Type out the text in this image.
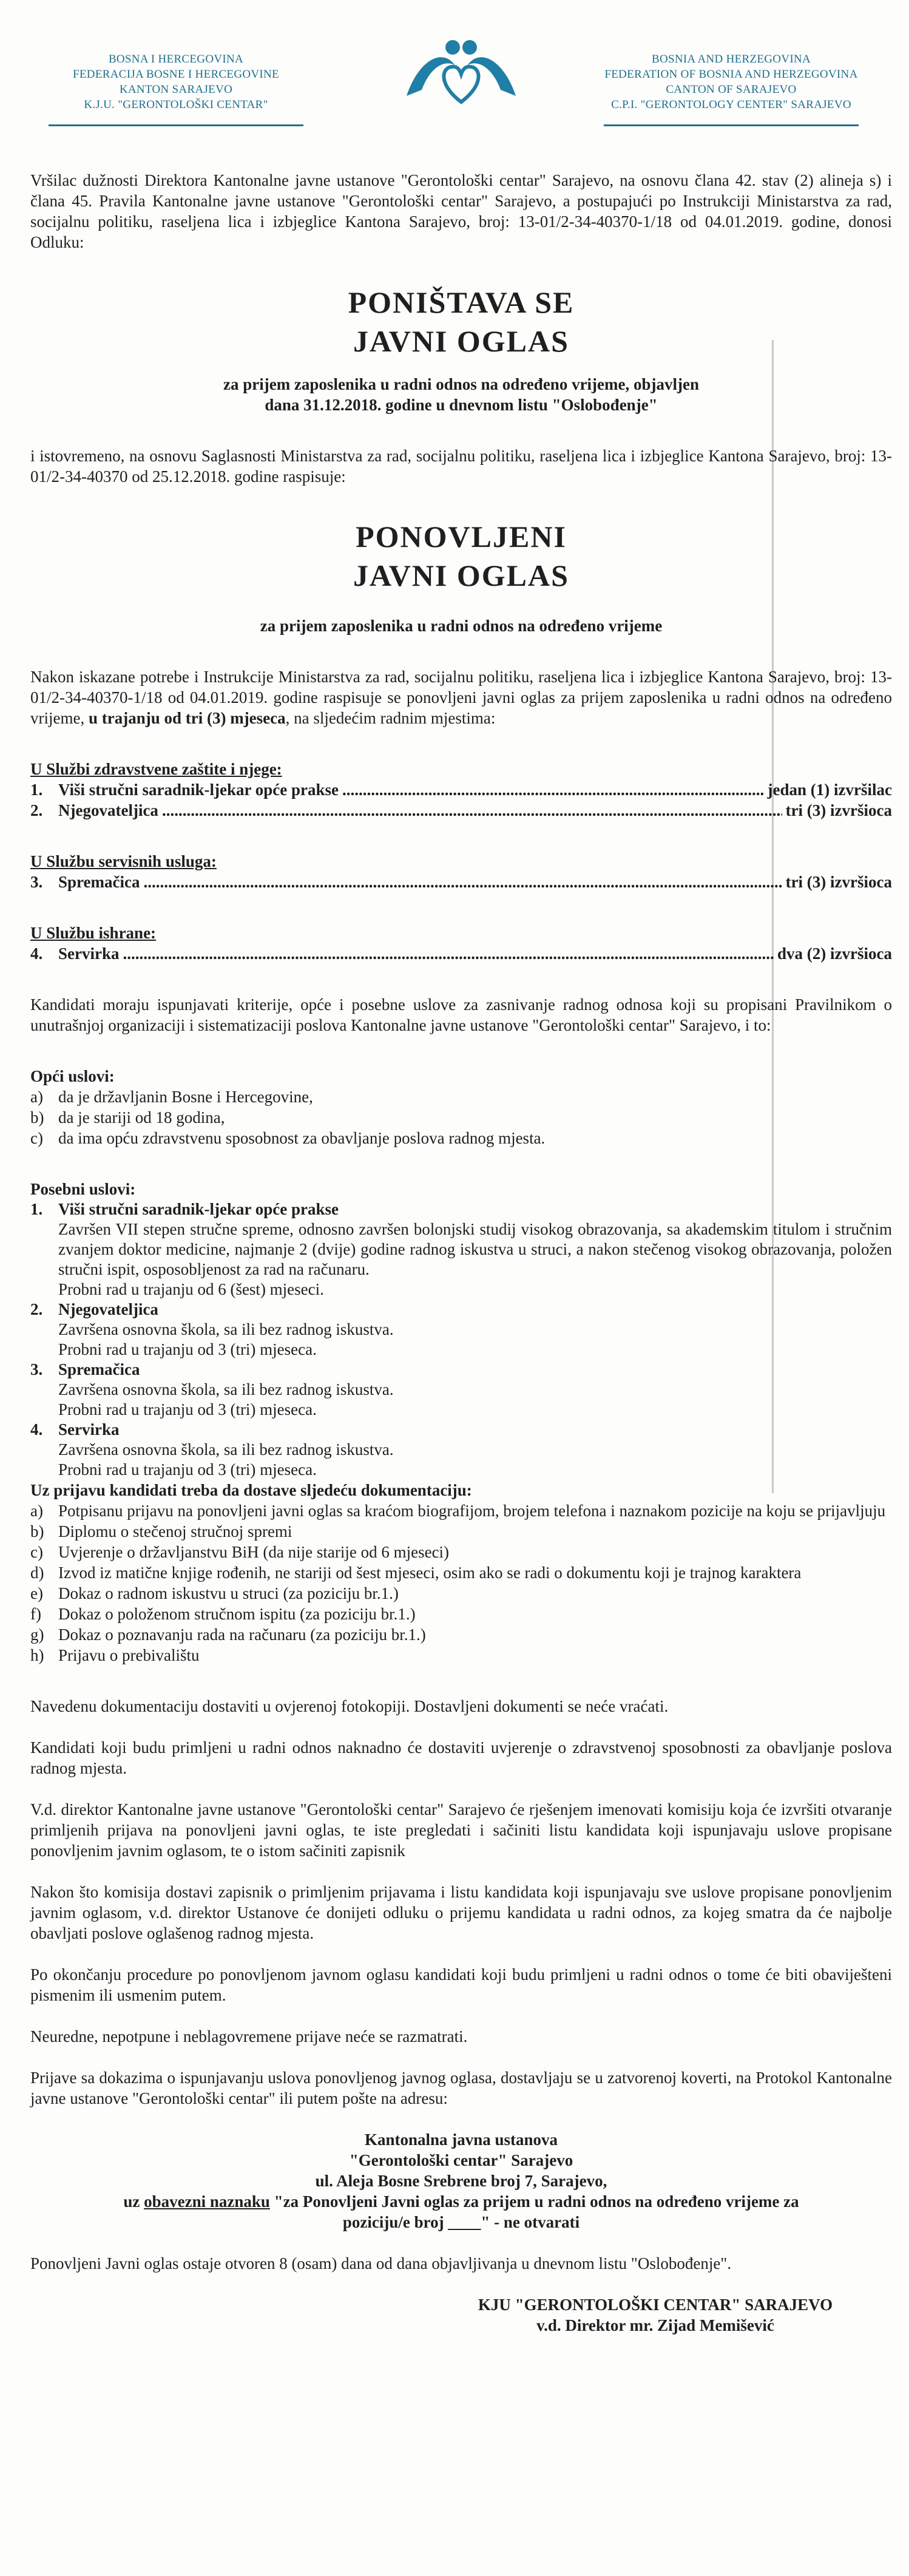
BOSNA I HERCEGOVINA
FEDERACIJA BOSNE I HERCEGOVINE
KANTON SARAJEVO
K.J.U. "GERONTOLOŠKI CENTAR"
BOSNIA AND HERZEGOVINA
FEDERATION OF BOSNIA AND HERZEGOVINA
CANTON OF SARAJEVO
C.P.I. "GERONTOLOGY CENTER" SARAJEVO

Vršilac dužnosti Direktora Kantonalne javne ustanove "Gerontološki centar" Sarajevo, na osnovu člana 42. stav (2) alineja s) i člana 45. Pravila Kantonalne javne ustanove "Gerontološki centar" Sarajevo, a postupajući po Instrukciji Ministarstva za rad, socijalnu politiku, raseljena lica i izbjeglice Kantona Sarajevo, broj: 13-01/2-34-40370-1/18 od 04.01.2019. godine, donosi Odluku:

PONIŠTAVA SE

JAVNI OGLAS

za prijem zaposlenika u radni odnos na određeno vrijeme, objavljen

dana 31.12.2018. godine u dnevnom listu "Oslobođenje"

i istovremeno, na osnovu Saglasnosti Ministarstva za rad, socijalnu politiku, raseljena lica i izbjeglice Kantona Sarajevo, broj: 13-01/2-34-40370 od 25.12.2018. godine raspisuje:

PONOVLJENI

JAVNI OGLAS

za prijem zaposlenika u radni odnos na određeno vrijeme

Nakon iskazane potrebe i Instrukcije Ministarstva za rad, socijalnu politiku, raseljena lica i izbjeglice Kantona Sarajevo, broj: 13-01/2-34-40370-1/18 od 04.01.2019. godine raspisuje se ponovljeni javni oglas za prijem zaposlenika u radni odnos na određeno vrijeme, u trajanju od tri (3) mjeseca, na sljedećim radnim mjestima:

U Službi zdravstvene zaštite i njege:

1. Viši stručni saradnik-ljekar opće prakse .....	jedan (1) izvršilac
2. Njegovateljica .....	tri (3) izvršioca

U Službu servisnih usluga:

3. Spremačica .....	tri (3) izvršioca

U Službu ishrane:

4. Servirka .....	dva (2) izvršioca

Kandidati moraju ispunjavati kriterije, opće i posebne uslove za zasnivanje radnog odnosa koji su propisani Pravilnikom o unutrašnjoj organizaciji i sistematizaciji poslova Kantonalne javne ustanove "Gerontološki centar" Sarajevo, i to:

Opći uslovi:

a) da je državljanin Bosne i Hercegovine,
b) da je stariji od 18 godina,
c) da ima opću zdravstvenu sposobnost za obavljanje poslova radnog mjesta.

Posebni uslovi:

1. Viši stručni saradnik-ljekar opće prakse
Završen VII stepen stručne spreme, odnosno završen bolonjski studij visokog obrazovanja, sa akademskim titulom i stručnim zvanjem doktor medicine, najmanje 2 (dvije) godine radnog iskustva u struci, a nakon stečenog visokog obrazovanja, položen stručni ispit, osposobljenost za rad na računaru.
Probni rad u trajanju od 6 (šest) mjeseci.
2. Njegovateljica
Završena osnovna škola, sa ili bez radnog iskustva.
Probni rad u trajanju od 3 (tri) mjeseca.
3. Spremačica
Završena osnovna škola, sa ili bez radnog iskustva.
Probni rad u trajanju od 3 (tri) mjeseca.
4. Servirka
Završena osnovna škola, sa ili bez radnog iskustva.
Probni rad u trajanju od 3 (tri) mjeseca.

Uz prijavu kandidati treba da dostave sljedeću dokumentaciju:

a) Potpisanu prijavu na ponovljeni javni oglas sa kraćom biografijom, brojem telefona i naznakom pozicije na koju se prijavljuju
b) Diplomu o stečenoj stručnoj spremi
c) Uvjerenje o državljanstvu BiH (da nije starije od 6 mjeseci)
d) Izvod iz matične knjige rođenih, ne stariji od šest mjeseci, osim ako se radi o dokumentu koji je trajnog karaktera
e) Dokaz o radnom iskustvu u struci (za poziciju br.1.)
f)	Dokaz o položenom stručnom ispitu (za poziciju br.1.)
g) Dokaz o poznavanju rada na računaru (za poziciju br.1.)
h) Prijavu o prebivalištu

Navedenu dokumentaciju dostaviti u ovjerenoj fotokopiji. Dostavljeni dokumenti se neće vraćati.

Kandidati koji budu primljeni u radni odnos naknadno će dostaviti uvjerenje o zdravstvenoj sposobnosti za obavljanje poslova radnog mjesta.

V.d. direktor Kantonalne javne ustanove "Gerontološki centar" Sarajevo će rješenjem imenovati komisiju koja će izvršiti otvaranje primljenih prijava na ponovljeni javni oglas, te iste pregledati i sačiniti listu kandidata koji ispunjavaju uslove propisane ponovljenim javnim oglasom, te o istom sačiniti zapisnik

Nakon što komisija dostavi zapisnik o primljenim prijavama i listu kandidata koji ispunjavaju sve uslove propisane ponovljenim javnim oglasom, v.d. direktor Ustanove će donijeti odluku o prijemu kandidata u radni odnos, za kojeg smatra da će najbolje obavljati poslove oglašenog radnog mjesta.

Po okončanju procedure po ponovljenom javnom oglasu kandidati koji budu primljeni u radni odnos o tome će biti obaviješteni pismenim ili usmenim putem.

Neuredne, nepotpune i neblagovremene prijave neće se razmatrati.

Prijave sa dokazima o ispunjavanju uslova ponovljenog javnog oglasa, dostavljaju se u zatvorenoj koverti, na Protokol Kantonalne javne ustanove "Gerontološki centar" ili putem pošte na adresu:

Kantonalna javna ustanova

"Gerontološki centar" Sarajevo

ul. Aleja Bosne Srebrene broj 7, Sarajevo,

uz obavezni naznaku "za Ponovljeni Javni oglas za prijem u radni odnos na određeno vrijeme za

poziciju/e broj ____" - ne otvarati

Ponovljeni Javni oglas ostaje otvoren 8 (osam) dana od dana objavljivanja u dnevnom listu "Oslobođenje".

KJU "GERONTOLOŠKI CENTAR" SARAJEVO
v.d. Direktor mr. Zijad Memišević
